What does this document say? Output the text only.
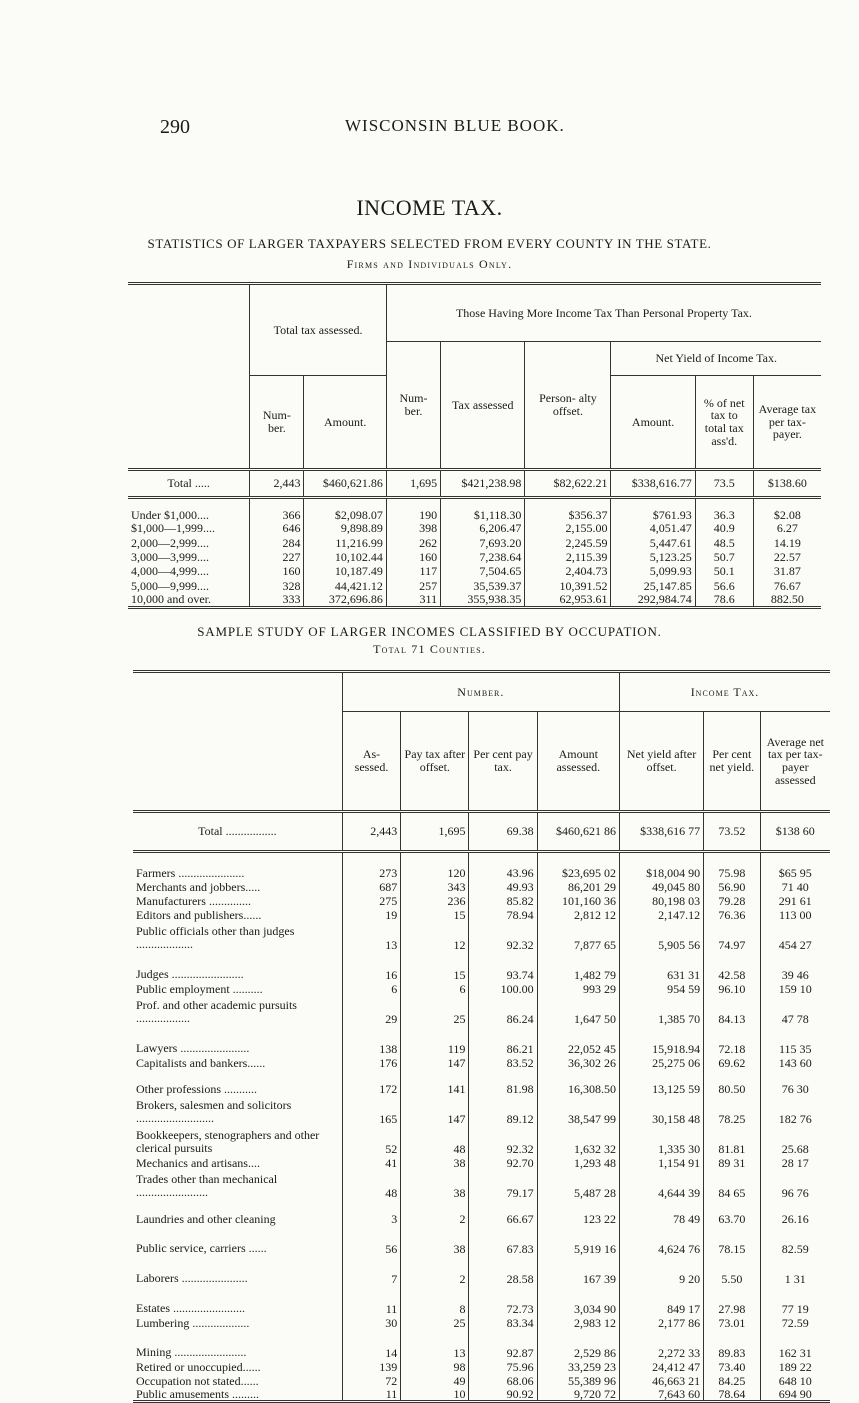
290	WISCONSIN BLUE BOOK.
INCOME TAX.
STATISTICS OF LARGER TAXPAYERS SELECTED FROM EVERY COUNTY IN THE STATE.
Firms and Individuals Only.
	Total tax assessed.		Those Having More Income Tax Than Personal Property Tax.					
			Num- ber.	Tax assessed	Person- alty offset.	Net Yield of Income Tax.		
	Num- ber.	Amount.				Amount.	% of net tax to total tax ass'd.	Average tax per tax- payer.
Total .....	2,443	$460,621.86	1,695	$421,238.98	$82,622.21	$338,616.77	73.5	$138.60
Under $1,000....	366	$2,098.07	190	$1,118.30	$356.37	$761.93	36.3	$2.08
$1,000—1,999....	646	9,898.89	398	6,206.47	2,155.00	4,051.47	40.9	6.27
2,000—2,999....	284	11,216.99	262	7,693.20	2,245.59	5,447.61	48.5	14.19
3,000—3,999....	227	10,102.44	160	7,238.64	2,115.39	5,123.25	50.7	22.57
4,000—4,999....	160	10,187.49	117	7,504.65	2,404.73	5,099.93	50.1	31.87
5,000—9,999....	328	44,421.12	257	35,539.37	10,391.52	25,147.85	56.6	76.67
10,000 and over.	333	372,696.86	311	355,938.35	62,953.61	292,984.74	78.6	882.50
SAMPLE STUDY OF LARGER INCOMES CLASSIFIED BY OCCUPATION.
Total 71 Counties.
	Number.				Income Tax.		
	As- sessed.	Pay tax after offset.	Per cent pay tax.	Amount assessed.	Net yield after offset.	Per cent net yield.	Average net tax per tax- payer assessed
Total .................	2,443	1,695	69.38	$460,621 86	$338,616 77	73.52	$138 60
Farmers ......................	273	120	43.96	$23,695 02	$18,004 90	75.98	$65 95
Merchants and jobbers.....	687	343	49.93	86,201 29	49,045 80	56.90	71 40
Manufacturers ..............	275	236	85.82	101,160 36	80,198 03	79.28	291 61
Editors and publishers......	19	15	78.94	2,812 12	2,147.12	76.36	113 00
Public officials other than judges ...................	13	12	92.32	7,877 65	5,905 56	74.97	454 27
Judges ........................	16	15	93.74	1,482 79	631 31	42.58	39 46
Public employment ..........	6	6	100.00	993 29	954 59	96.10	159 10
Prof. and other academic pursuits ..................	29	25	86.24	1,647 50	1,385 70	84.13	47 78
Lawyers .......................	138	119	86.21	22,052 45	15,918.94	72.18	115 35
Capitalists and bankers......	176	147	83.52	36,302 26	25,275 06	69.62	143 60
Other professions ...........	172	141	81.98	16,308.50	13,125 59	80.50	76 30
Brokers, salesmen and solicitors ..........................	165	147	89.12	38,547 99	30,158 48	78.25	182 76
Bookkeepers, stenographers and other clerical pursuits	52	48	92.32	1,632 32	1,335 30	81.81	25.68
Mechanics and artisans....	41	38	92.70	1,293 48	1,154 91	89 31	28 17
Trades other than mechanical ........................	48	38	79.17	5,487 28	4,644 39	84 65	96 76
Laundries and other cleaning	3	2	66.67	123 22	78 49	63.70	26.16
Public service, carriers ......	56	38	67.83	5,919 16	4,624 76	78.15	82.59
Laborers ......................	7	2	28.58	167 39	9 20	5.50	1 31
Estates ........................	11	8	72.73	3,034 90	849 17	27.98	77 19
Lumbering ...................	30	25	83.34	2,983 12	2,177 86	73.01	72.59
Mining ........................	14	13	92.87	2,529 86	2,272 33	89.83	162 31
Retired or unoccupied......	139	98	75.96	33,259 23	24,412 47	73.40	189 22
Occupation not stated......	72	49	68.06	55,389 96	46,663 21	84.25	648 10
Public amusements .........	11	10	90.92	9,720 72	7,643 60	78.64	694 90
